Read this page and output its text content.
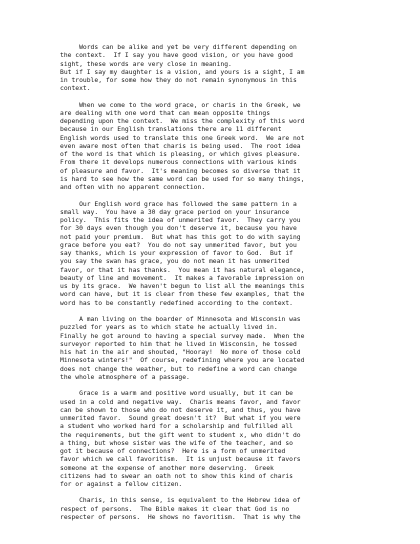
Words can be alike and yet be very different depending on
the context.  If I say you have good vision, or you have good
sight, these words are very close in meaning.
But if I say my daughter is a vision, and yours is a sight, I am
in trouble, for some how they do not remain synonymous in this
context.

When we come to the word grace, or charis in the Greek, we
are dealing with one word that can mean opposite things
depending upon the context.  We miss the complexity of this word
because in our English translations there are 11 different
English words used to translate this one Greek word.  We are not
even aware most often that charis is being used.  The root idea
of the word is that which is pleasing, or which gives pleasure.
From there it develops numerous connections with various kinds
of pleasure and favor.  It's meaning becomes so diverse that it
is hard to see how the same word can be used for so many things,
and often with no apparent connection.

Our English word grace has followed the same pattern in a
small way.  You have a 30 day grace period on your insurance
policy.  This fits the idea of unmerited favor.  They carry you
for 30 days even though you don't deserve it, because you have
not paid your premium.  But what has this got to do with saying
grace before you eat?  You do not say unmerited favor, but you
say thanks, which is your expression of favor to God.  But if
you say the swan has grace, you do not mean it has unmerited
favor, or that it has thanks.  You mean it has natural elegance,
beauty of line and movement.  It makes a favorable impression on
us by its grace.  We haven't begun to list all the meanings this
word can have, but it is clear from these few examples, that the
word has to be constantly redefined according to the context.

A man living on the boarder of Minnesota and Wisconsin was
puzzled for years as to which state he actually lived in.
Finally he got around to having a special survey made.  When the
surveyor reported to him that he lived in Wisconsin, he tossed
his hat in the air and shouted, "Hooray!  No more of those cold
Minnesota winters!"  Of course, redefining where you are located
does not change the weather, but to redefine a word can change
the whole atmosphere of a passage.

Grace is a warm and positive word usually, but it can be
used in a cold and negative way.  Charis means favor, and favor
can be shown to those who do not deserve it, and thus, you have
unmerited favor.  Sound great doesn't it?  But what if you were
a student who worked hard for a scholarship and fulfilled all
the requirements, but the gift went to student x, who didn't do
a thing, but whose sister was the wife of the teacher, and so
got it because of connections?  Here is a form of unmerited
favor which we call favoritism.  It is unjust because it favors
someone at the expense of another more deserving.  Greek
citizens had to swear an oath not to show this kind of charis
for or against a fellow citizen.

Charis, in this sense, is equivalent to the Hebrew idea of
respect of persons.  The Bible makes it clear that God is no
respecter of persons.  He shows no favoritism.  That is why the
